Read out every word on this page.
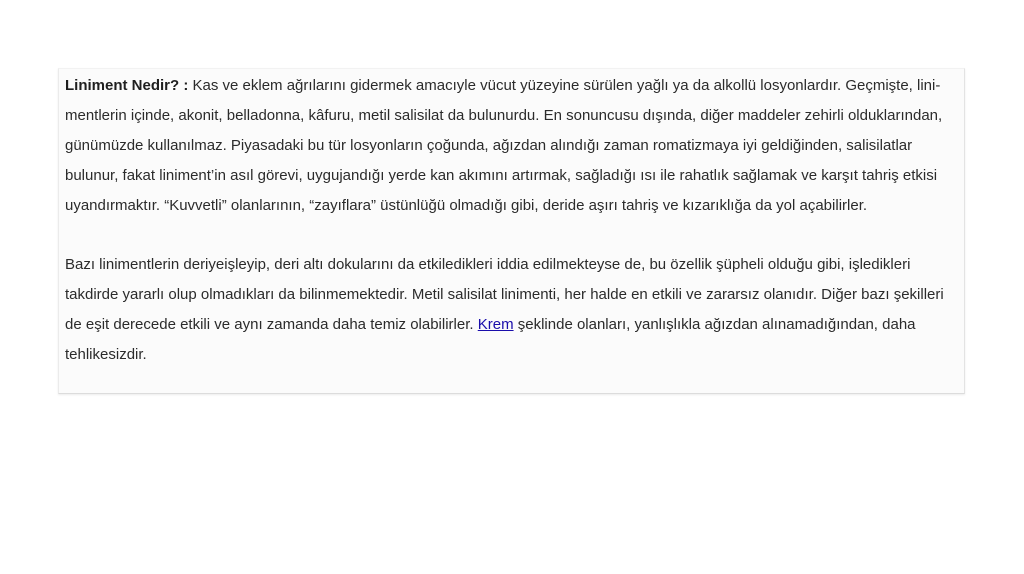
Liniment Nedir? : Kas ve eklem ağrılarını gidermek amacıyle vücut yüzeyine sürülen yağlı ya da alkollü losyonlardır. Geçmişte, lini- mentlerin içinde, akonit, belladonna, kâfuru, metil salisilat da bulunurdu. En sonuncusu dışında, diğer maddeler zehirli olduklarından, günümüzde kullanılmaz. Piyasadaki bu tür losyonların çoğunda, ağızdan alındığı zaman romatizmaya iyi geldiğinden, salisilatlar bulunur, fakat liniment’in asıl görevi, uygujandığı yerde kan akımını artırmak, sağladığı ısı ile rahatlık sağlamak ve karşıt tahriş etkisi uyandırmaktır. “Kuvvetli” olanlarının, “zayıflara” üstünlüğü olmadığı gibi, deride aşırı tahriş ve kızarıklığa da yol açabilirler.

Bazı linimentlerin deriyeişleyip, deri altı dokularını da etkiledikleri iddia edilmekteyse de, bu özellik şüpheli olduğu gibi, işledikleri takdirde yararlı olup olmadıkları da bilinmemektedir. Metil salisilat linimenti, her halde en etkili ve zararsız olanıdır. Diğer bazı şekilleri de eşit derecede etkili ve aynı zamanda daha temiz olabilirler. Krem şeklinde olanları, yanlışlıkla ağızdan alınamadığından, daha tehlikesizdir.
